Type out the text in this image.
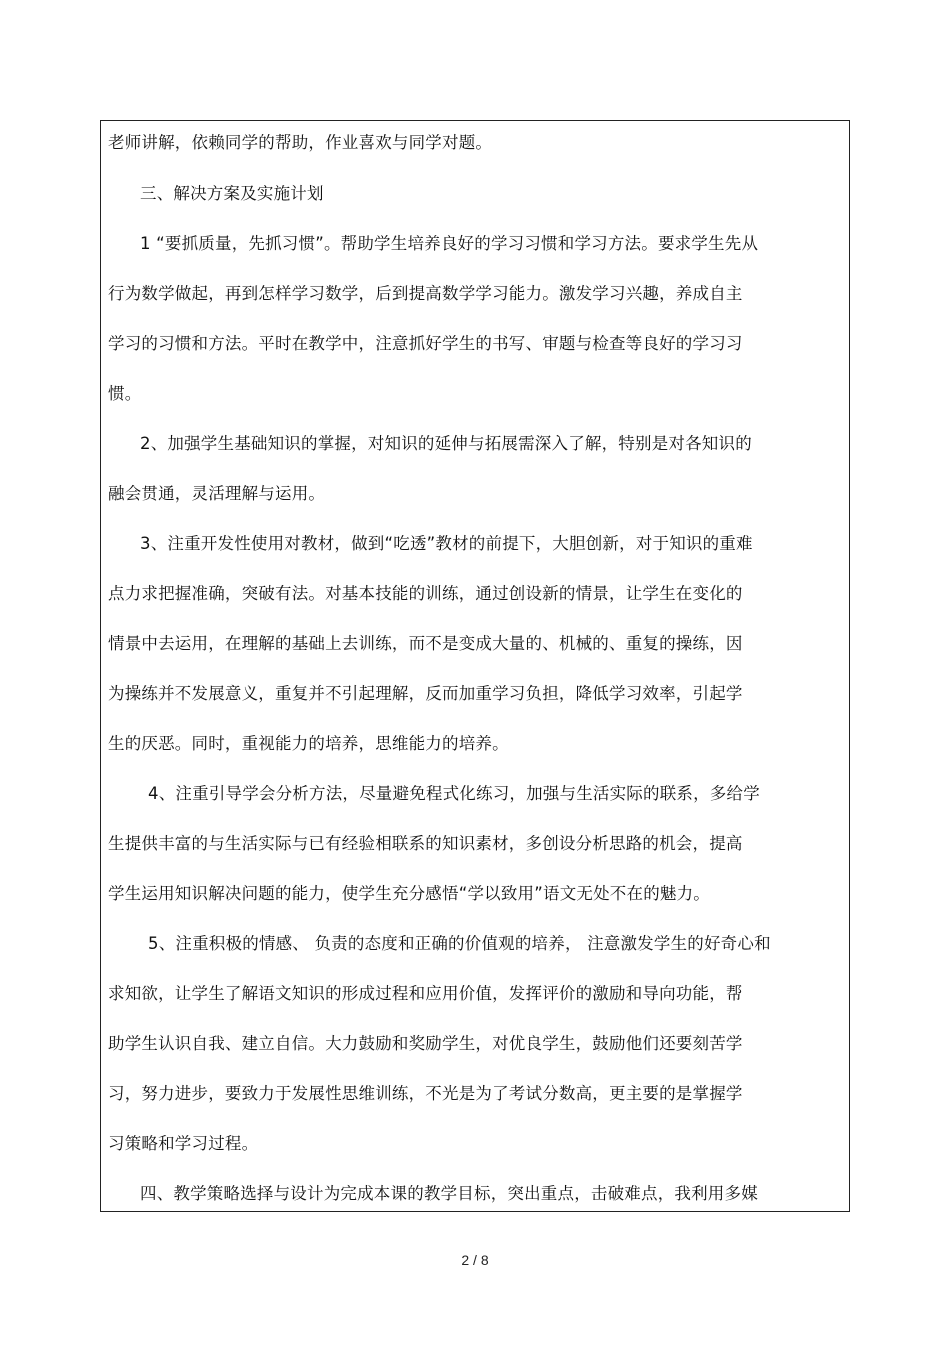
老师讲解，依赖同学的帮助，作业喜欢与同学对题。
三、解决方案及实施计划
1 “要抓质量，先抓习惯”。帮助学生培养良好的学习习惯和学习方法。要求学生先从
行为数学做起，再到怎样学习数学，后到提高数学学习能力。激发学习兴趣，养成自主
学习的习惯和方法。平时在教学中，注意抓好学生的书写、审题与检查等良好的学习习
惯。
2、加强学生基础知识的掌握，对知识的延伸与拓展需深入了解，特别是对各知识的
融会贯通，灵活理解与运用。
3、注重开发性使用对教材，做到“吃透”教材的前提下，大胆创新，对于知识的重难
点力求把握准确，突破有法。对基本技能的训练，通过创设新的情景，让学生在变化的
情景中去运用，在理解的基础上去训练，而不是变成大量的、机械的、重复的操练，因
为操练并不发展意义，重复并不引起理解，反而加重学习负担，降低学习效率，引起学
生的厌恶。同时，重视能力的培养，思维能力的培养。
4、注重引导学会分析方法，尽量避免程式化练习，加强与生活实际的联系，多给学
生提供丰富的与生活实际与已有经验相联系的知识素材，多创设分析思路的机会，提高
学生运用知识解决问题的能力，使学生充分感悟“学以致用”语文无处不在的魅力。
5、注重积极的情感、 负责的态度和正确的价值观的培养， 注意激发学生的好奇心和
求知欲，让学生了解语文知识的形成过程和应用价值，发挥评价的激励和导向功能，帮
助学生认识自我、建立自信。大力鼓励和奖励学生，对优良学生，鼓励他们还要刻苦学
习，努力进步，要致力于发展性思维训练，不光是为了考试分数高，更主要的是掌握学
习策略和学习过程。
四、教学策略选择与设计为完成本课的教学目标，突出重点，击破难点，我利用多媒
2 / 8
